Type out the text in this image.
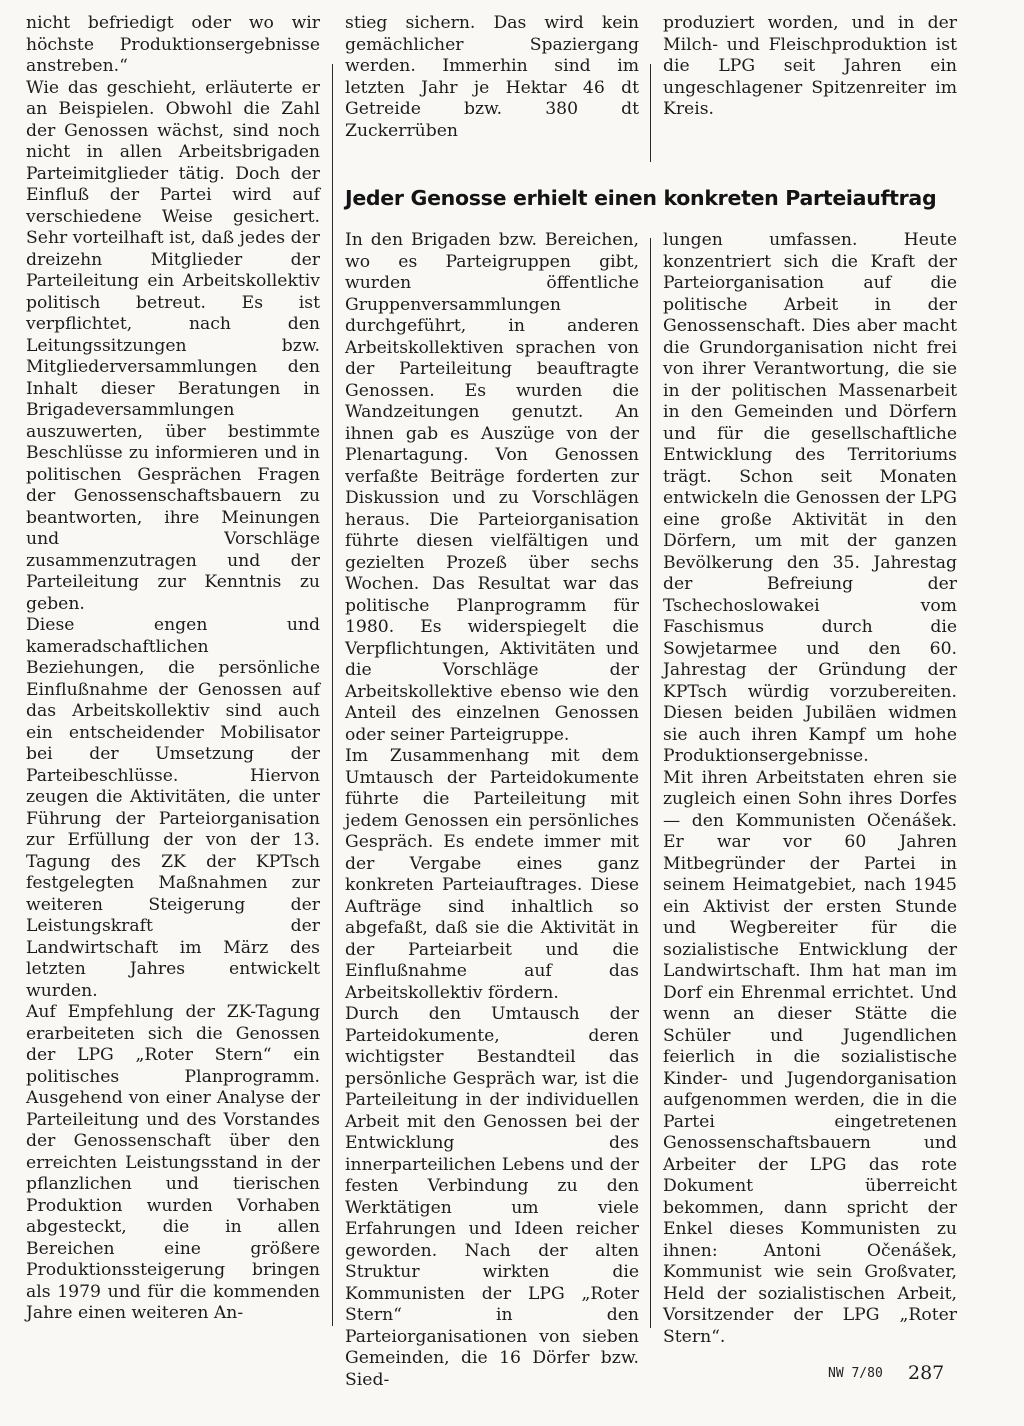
nicht befriedigt oder wo wir höchste Produktionsergebnisse anstreben.“

Wie das geschieht, erläuterte er an Beispielen. Obwohl die Zahl der Genossen wächst, sind noch nicht in allen Arbeitsbrigaden Parteimitglieder tätig. Doch der Einfluß der Partei wird auf verschiedene Weise gesichert. Sehr vorteilhaft ist, daß jedes der dreizehn Mitglieder der Parteileitung ein Arbeitskollektiv politisch betreut. Es ist verpflichtet, nach den Leitungssitzungen bzw. Mitgliederversammlungen den Inhalt dieser Beratungen in Brigadeversammlungen auszuwerten, über bestimmte Beschlüsse zu informieren und in politischen Gesprächen Fragen der Genossenschaftsbauern zu beantworten, ihre Meinungen und Vorschläge zusammenzutragen und der Parteileitung zur Kenntnis zu geben.

Diese engen und kameradschaftlichen Beziehungen, die persönliche Einflußnahme der Genossen auf das Arbeitskollektiv sind auch ein entscheidender Mobilisator bei der Umsetzung der Parteibeschlüsse. Hiervon zeugen die Aktivitäten, die unter Führung der Parteiorganisation zur Erfüllung der von der 13. Tagung des ZK der KPTsch festgelegten Maßnahmen zur weiteren Steigerung der Leistungskraft der Landwirtschaft im März des letzten Jahres entwickelt wurden.

Auf Empfehlung der ZK-Tagung erarbeiteten sich die Genossen der LPG „Roter Stern“ ein politisches Planprogramm. Ausgehend von einer Analyse der Parteileitung und des Vorstandes der Genossenschaft über den erreichten Leistungsstand in der pflanzlichen und tierischen Produktion wurden Vorhaben abgesteckt, die in allen Bereichen eine größere Produktionssteigerung bringen als 1979 und für die kommenden Jahre einen weiteren An-

stieg sichern. Das wird kein gemächlicher Spaziergang werden. Immerhin sind im letzten Jahr je Hektar 46 dt Getreide bzw. 380 dt Zuckerrüben

produziert worden, und in der Milch- und Fleischproduktion ist die LPG seit Jahren ein ungeschlagener Spitzenreiter im Kreis.

Jeder Genosse erhielt einen konkreten Parteiauftrag

In den Brigaden bzw. Bereichen, wo es Parteigruppen gibt, wurden öffentliche Gruppenversammlungen durchgeführt, in anderen Arbeitskollektiven sprachen von der Parteileitung beauftragte Genossen. Es wurden die Wandzeitungen genutzt. An ihnen gab es Auszüge von der Plenartagung. Von Genossen verfaßte Beiträge forderten zur Diskussion und zu Vorschlägen heraus. Die Parteiorganisation führte diesen vielfältigen und gezielten Prozeß über sechs Wochen. Das Resultat war das politische Planprogramm für 1980. Es widerspiegelt die Verpflichtungen, Aktivitäten und die Vorschläge der Arbeitskollektive ebenso wie den Anteil des einzelnen Genossen oder seiner Parteigruppe.

Im Zusammenhang mit dem Umtausch der Parteidokumente führte die Parteileitung mit jedem Genossen ein persönliches Gespräch. Es endete immer mit der Vergabe eines ganz konkreten Parteiauftrages. Diese Aufträge sind inhaltlich so abgefaßt, daß sie die Aktivität in der Parteiarbeit und die Einflußnahme auf das Arbeitskollektiv fördern.

Durch den Umtausch der Parteidokumente, deren wichtigster Bestandteil das persönliche Gespräch war, ist die Parteileitung in der individuellen Arbeit mit den Genossen bei der Entwicklung des innerparteilichen Lebens und der festen Verbindung zu den Werktätigen um viele Erfahrungen und Ideen reicher geworden. Nach der alten Struktur wirkten die Kommunisten der LPG „Roter Stern“ in den Parteiorganisationen von sieben Gemeinden, die 16 Dörfer bzw. Sied-

lungen umfassen. Heute konzentriert sich die Kraft der Parteiorganisation auf die politische Arbeit in der Genossenschaft. Dies aber macht die Grundorganisation nicht frei von ihrer Verantwortung, die sie in der politischen Massenarbeit in den Gemeinden und Dörfern und für die gesellschaftliche Entwicklung des Territoriums trägt. Schon seit Monaten entwickeln die Genossen der LPG eine große Aktivität in den Dörfern, um mit der ganzen Bevölkerung den 35. Jahrestag der Befreiung der Tschechoslowakei vom Faschismus durch die Sowjetarmee und den 60. Jahrestag der Gründung der KPTsch würdig vorzubereiten. Diesen beiden Jubiläen widmen sie auch ihren Kampf um hohe Produktionsergebnisse.

Mit ihren Arbeitstaten ehren sie zugleich einen Sohn ihres Dorfes — den Kommunisten Očenášek. Er war vor 60 Jahren Mitbegründer der Partei in seinem Heimatgebiet, nach 1945 ein Aktivist der ersten Stunde und Wegbereiter für die sozialistische Entwicklung der Landwirtschaft. Ihm hat man im Dorf ein Ehrenmal errichtet. Und wenn an dieser Stätte die Schüler und Jugendlichen feierlich in die sozialistische Kinder- und Jugendorganisation aufgenommen werden, die in die Partei eingetretenen Genossenschaftsbauern und Arbeiter der LPG das rote Dokument überreicht bekommen, dann spricht der Enkel dieses Kommunisten zu ihnen: Antoni Očenášek, Kommunist wie sein Großvater, Held der sozialistischen Arbeit, Vorsitzender der LPG „Roter Stern“.

NW 7/80 287
